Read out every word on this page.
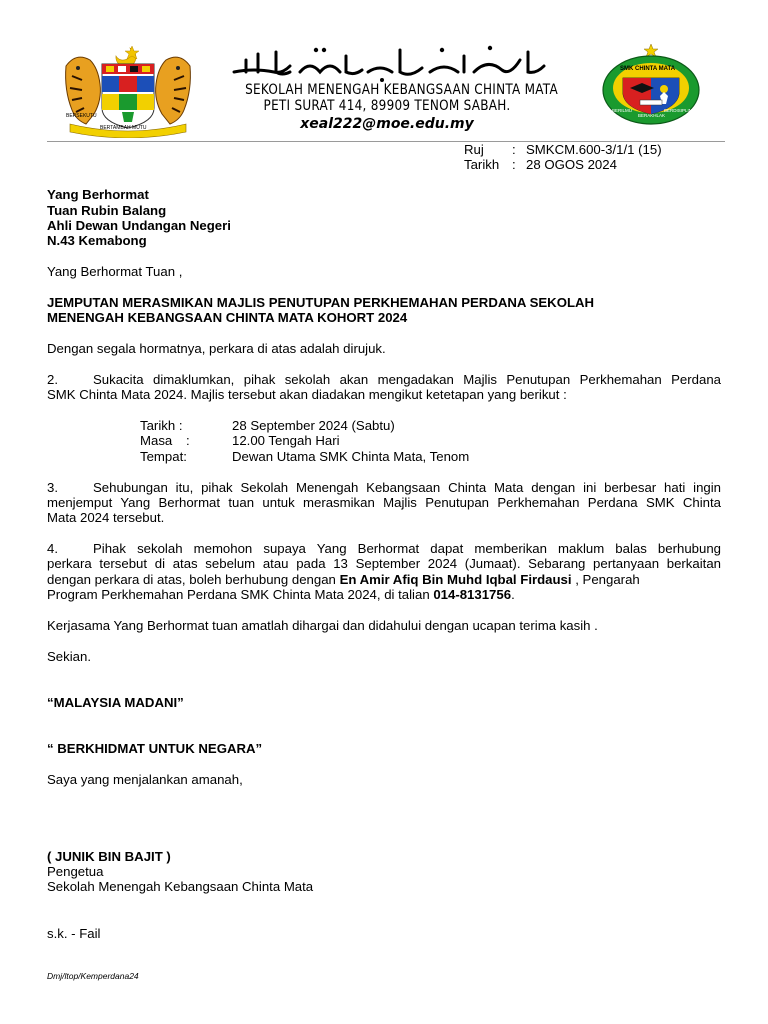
BERSEKUTU
BERTAMBAH MUTU
SEKOLAH MENENGAH KEBANGSAAN CHINTA MATA
PETI SURAT 414, 89909 TENOM SABAH.
xeal222@moe.edu.my
SMK CHINTA MATA
BERILMU
BERAKHLAK
BERDISIPLIN
Ruj : SMKCM.600-3/1/1 (15)
Tarikh : 28 OGOS 2024
Yang Berhormat
Tuan Rubin Balang
Ahli Dewan Undangan Negeri
N.43 Kemabong
Yang Berhormat Tuan ,
JEMPUTAN MERASMIKAN MAJLIS PENUTUPAN PERKHEMAHAN PERDANA SEKOLAH
MENENGAH KEBANGSAAN CHINTA MATA KOHORT 2024
Dengan segala hormatnya, perkara di atas adalah dirujuk.
2.	Sukacita dimaklumkan, pihak sekolah akan mengadakan Majlis Penutupan Perkhemahan Perdana
SMK Chinta Mata 2024. Majlis tersebut akan diadakan mengikut ketetapan yang berikut :
Tarikh :	28 September 2024 (Sabtu)
Masa :	12.00 Tengah Hari
Tempat:	Dewan Utama SMK Chinta Mata, Tenom
3.	Sehubungan itu, pihak Sekolah Menengah Kebangsaan Chinta Mata dengan ini berbesar hati ingin
menjemput Yang Berhormat tuan untuk merasmikan Majlis Penutupan Perkhemahan Perdana SMK Chinta
Mata 2024 tersebut.
4.	Pihak sekolah memohon supaya Yang Berhormat dapat memberikan maklum balas berhubung
perkara tersebut di atas sebelum atau pada 13 September 2024 (Jumaat). Sebarang pertanyaan berkaitan
dengan perkara di atas, boleh berhubung dengan En Amir Afiq Bin Muhd Iqbal Firdausi , Pengarah
Program Perkhemahan Perdana SMK Chinta Mata 2024, di talian 014-8131756.
Kerjasama Yang Berhormat tuan amatlah dihargai dan didahului dengan ucapan terima kasih .
Sekian.
“MALAYSIA MADANI”
“ BERKHIDMAT UNTUK NEGARA”
Saya yang menjalankan amanah,
( JUNIK BIN BAJIT )
Pengetua
Sekolah Menengah Kebangsaan Chinta Mata
s.k. - Fail
Dmj/ltop/Kemperdana24
